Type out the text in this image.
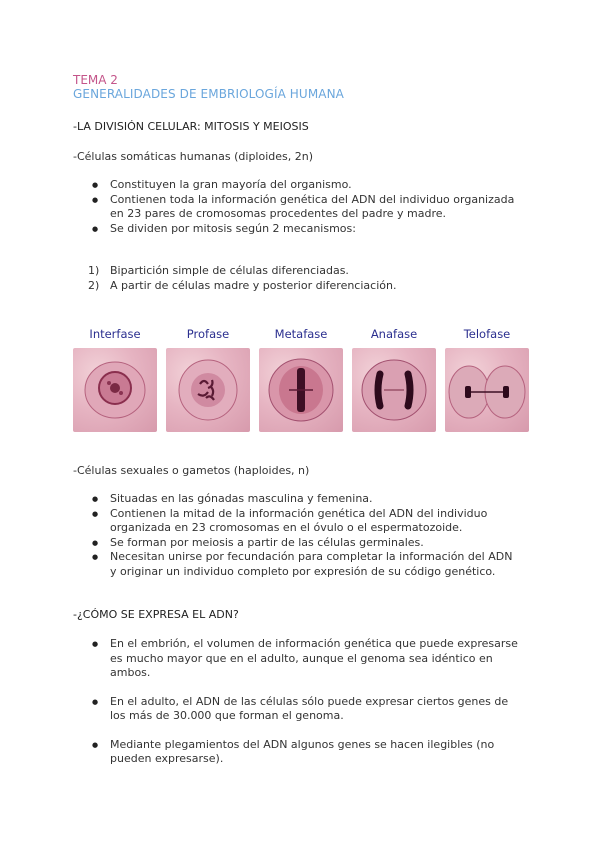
TEMA 2
GENERALIDADES DE EMBRIOLOGÍA HUMANA
-LA DIVISIÓN CELULAR: MITOSIS Y MEIOSIS
-Células somáticas humanas (diploides, 2n)
● Constituyen la gran mayoría del organismo.
● Contienen toda la información genética del ADN del individuo organizada en 23 pares de cromosomas procedentes del padre y madre.
● Se dividen por mitosis según 2 mecanismos:
1) Bipartición simple de células diferenciadas.
2) A partir de células madre y posterior diferenciación.
Interfase	Profase	Metafase	Anafase	Telofase
-Células sexuales o gametos (haploides, n)
● Situadas en las gónadas masculina y femenina.
● Contienen la mitad de la información genética del ADN del individuo organizada en 23 cromosomas en el óvulo o el espermatozoide.
● Se forman por meiosis a partir de las células germinales.
● Necesitan unirse por fecundación para completar la información del ADN y originar un individuo completo por expresión de su código genético.
-¿CÓMO SE EXPRESA EL ADN?
● En el embrión, el volumen de información genética que puede expresarse es mucho mayor que en el adulto, aunque el genoma sea idéntico en ambos.
● En el adulto, el ADN de las células sólo puede expresar ciertos genes de los más de 30.000 que forman el genoma.
● Mediante plegamientos del ADN algunos genes se hacen ilegibles (no pueden expresarse).
